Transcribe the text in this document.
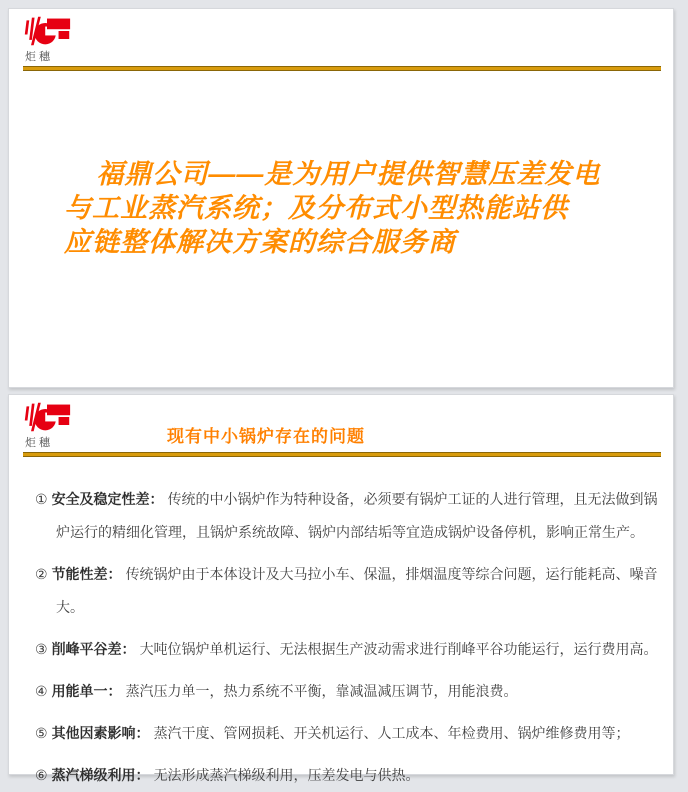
炬穗
福鼎公司——是为用户提供智慧压差发电
与工业蒸汽系统；及分布式小型热能站供
应链整体解决方案的综合服务商
炬穗	现有中小锅炉存在的问题
① 安全及稳定性差： 传统的中小锅炉作为特种设备，必须要有锅炉工证的人进行管理，且无法做到锅炉运行的精细化管理，且锅炉系统故障、锅炉内部结垢等宜造成锅炉设备停机，影响正常生产。
② 节能性差： 传统锅炉由于本体设计及大马拉小车、保温，排烟温度等综合问题，运行能耗高、噪音大。
③ 削峰平谷差： 大吨位锅炉单机运行、无法根据生产波动需求进行削峰平谷功能运行，运行费用高。
④ 用能单一： 蒸汽压力单一，热力系统不平衡，靠减温减压调节，用能浪费。
⑤ 其他因素影响： 蒸汽干度、管网损耗、开关机运行、人工成本、年检费用、锅炉维修费用等；
⑥ 蒸汽梯级利用： 无法形成蒸汽梯级利用，压差发电与供热。
